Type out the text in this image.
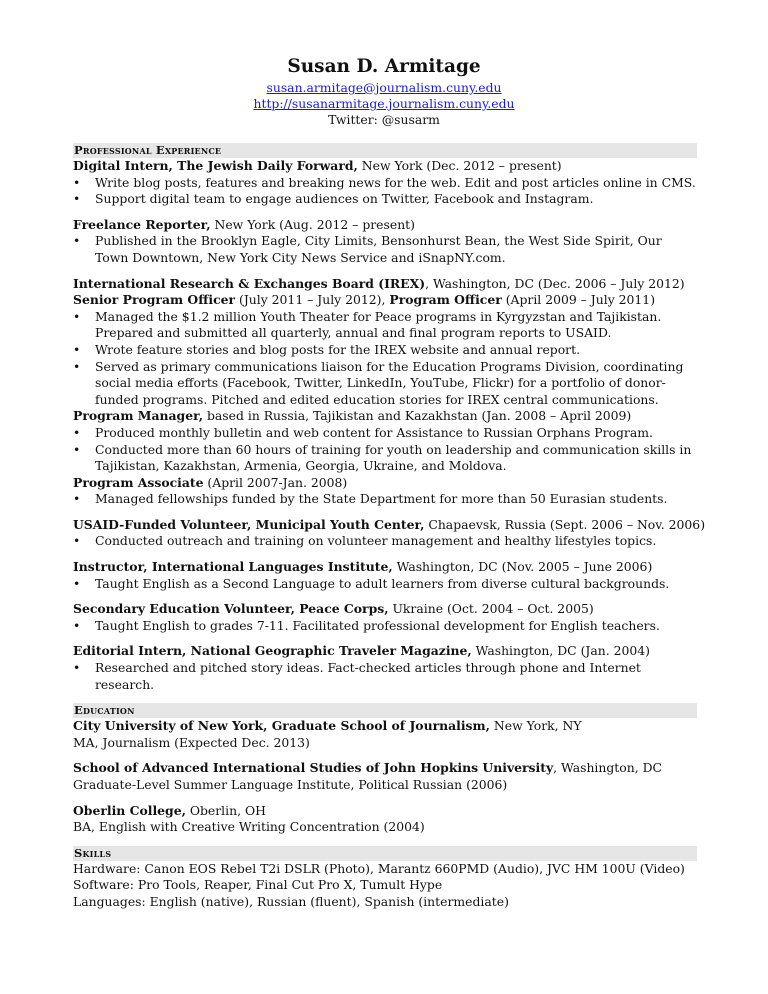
Susan D. Armitage
susan.armitage@journalism.cuny.edu
http://susanarmitage.journalism.cuny.edu
Twitter: @susarm
Professional Experience
Digital Intern, The Jewish Daily Forward, New York (Dec. 2012 – present)
• Write blog posts, features and breaking news for the web. Edit and post articles online in CMS.
• Support digital team to engage audiences on Twitter, Facebook and Instagram.
Freelance Reporter, New York (Aug. 2012 – present)
• Published in the Brooklyn Eagle, City Limits, Bensonhurst Bean, the West Side Spirit, Our Town Downtown, New York City News Service and iSnapNY.com.
International Research & Exchanges Board (IREX), Washington, DC (Dec. 2006 – July 2012)
Senior Program Officer (July 2011 – July 2012), Program Officer (April 2009 – July 2011)
• Managed the $1.2 million Youth Theater for Peace programs in Kyrgyzstan and Tajikistan. Prepared and submitted all quarterly, annual and final program reports to USAID.
• Wrote feature stories and blog posts for the IREX website and annual report.
• Served as primary communications liaison for the Education Programs Division, coordinating social media efforts (Facebook, Twitter, LinkedIn, YouTube, Flickr) for a portfolio of donor-funded programs. Pitched and edited education stories for IREX central communications.
Program Manager, based in Russia, Tajikistan and Kazakhstan (Jan. 2008 – April 2009)
• Produced monthly bulletin and web content for Assistance to Russian Orphans Program.
• Conducted more than 60 hours of training for youth on leadership and communication skills in Tajikistan, Kazakhstan, Armenia, Georgia, Ukraine, and Moldova.
Program Associate (April 2007-Jan. 2008)
• Managed fellowships funded by the State Department for more than 50 Eurasian students.
USAID-Funded Volunteer, Municipal Youth Center, Chapaevsk, Russia (Sept. 2006 – Nov. 2006)
• Conducted outreach and training on volunteer management and healthy lifestyles topics.
Instructor, International Languages Institute, Washington, DC (Nov. 2005 – June 2006)
• Taught English as a Second Language to adult learners from diverse cultural backgrounds.
Secondary Education Volunteer, Peace Corps, Ukraine (Oct. 2004 – Oct. 2005)
• Taught English to grades 7-11. Facilitated professional development for English teachers.
Editorial Intern, National Geographic Traveler Magazine, Washington, DC (Jan. 2004)
• Researched and pitched story ideas. Fact-checked articles through phone and Internet research.
Education
City University of New York, Graduate School of Journalism, New York, NY
MA, Journalism (Expected Dec. 2013)
School of Advanced International Studies of John Hopkins University, Washington, DC
Graduate-Level Summer Language Institute, Political Russian (2006)
Oberlin College, Oberlin, OH
BA, English with Creative Writing Concentration (2004)
Skills
Hardware: Canon EOS Rebel T2i DSLR (Photo), Marantz 660PMD (Audio), JVC HM 100U (Video)
Software: Pro Tools, Reaper, Final Cut Pro X, Tumult Hype
Languages: English (native), Russian (fluent), Spanish (intermediate)
